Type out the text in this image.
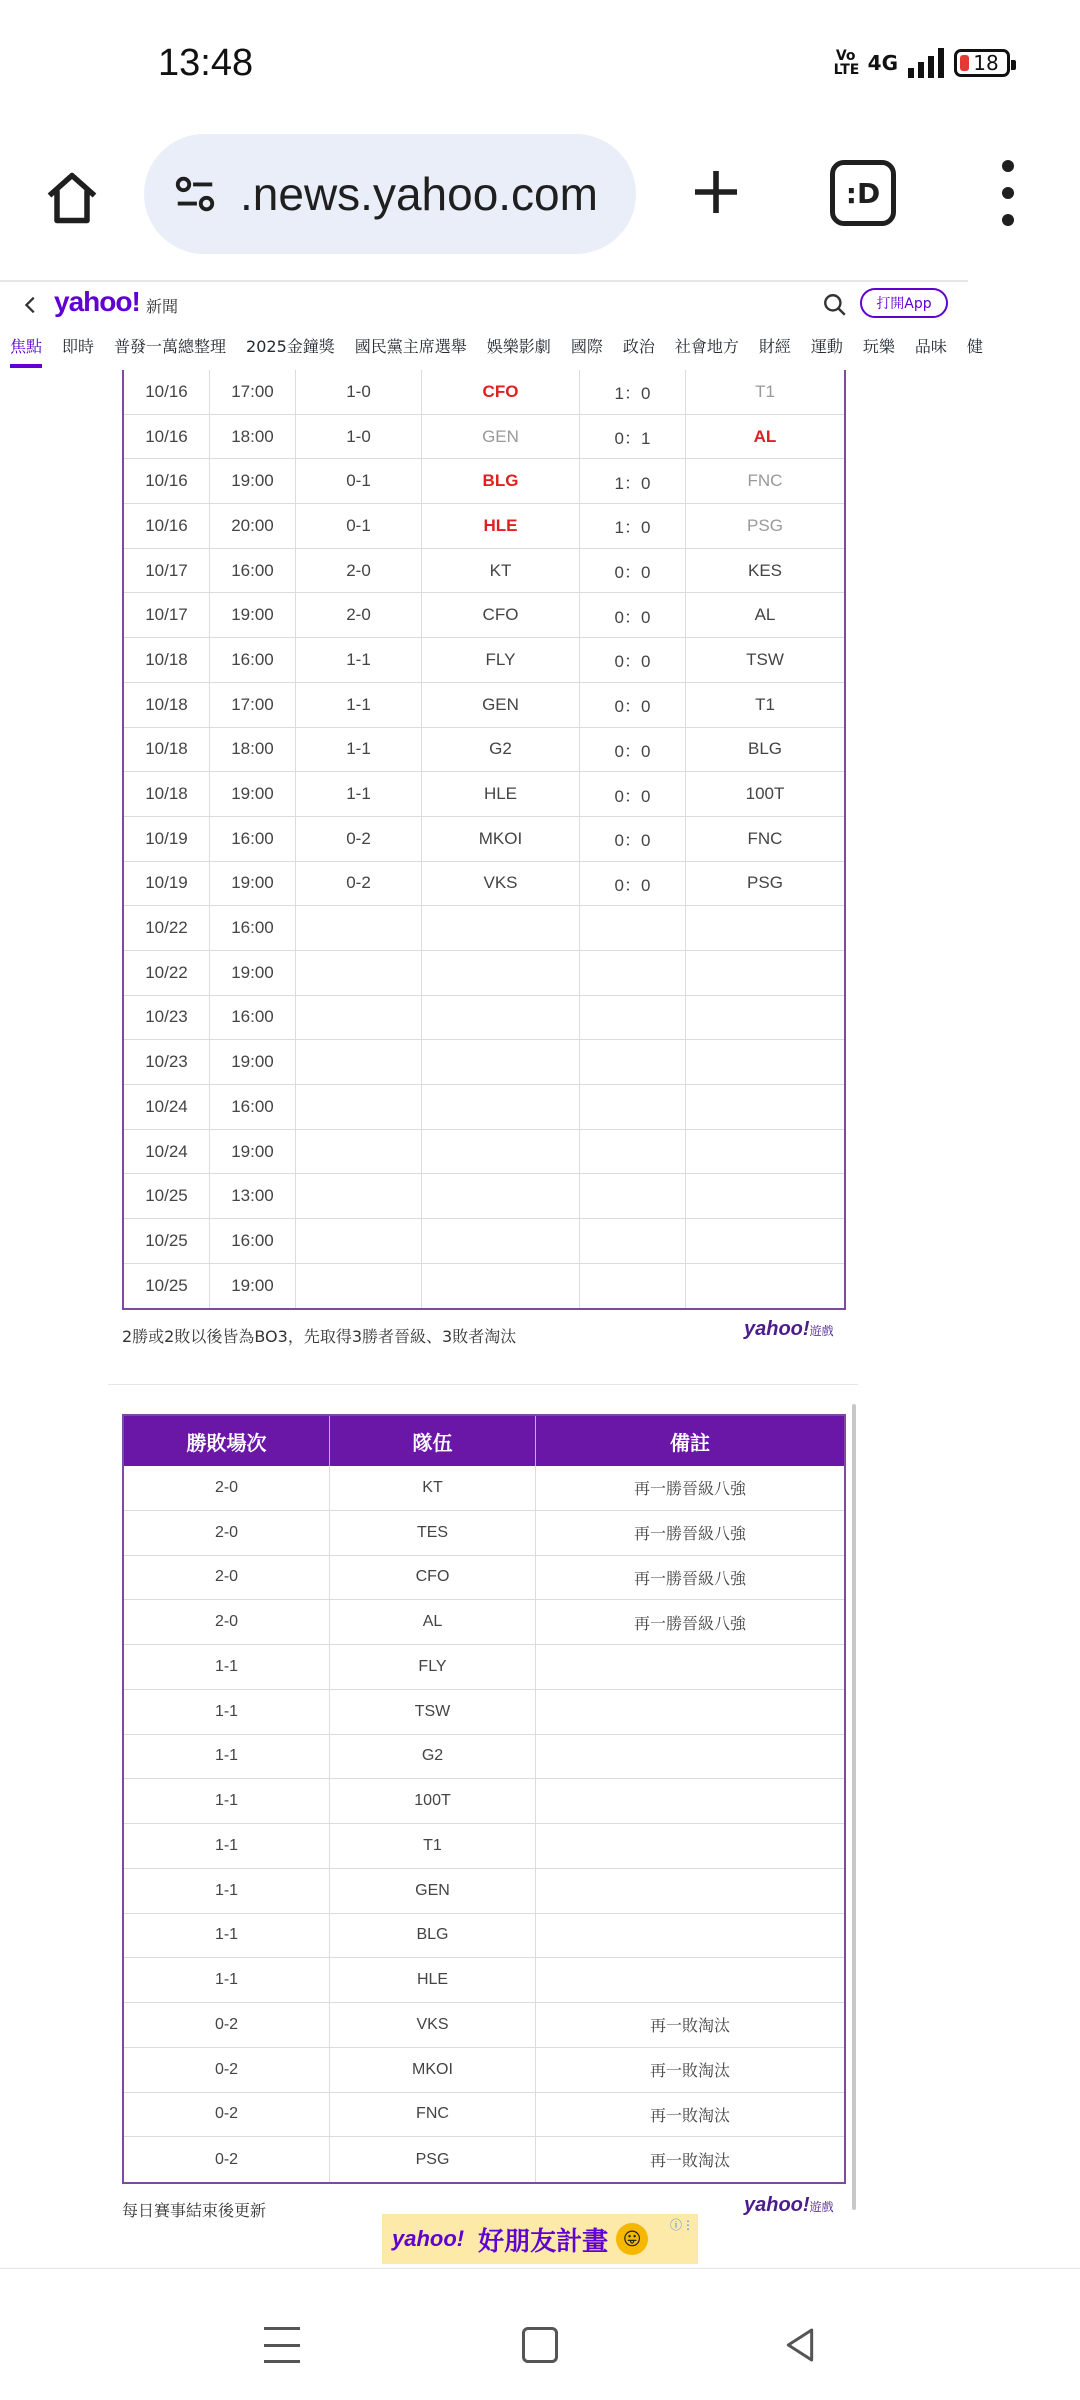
13:48	Vo LTE 4G	18
.news.yahoo.com	:D
yahoo! 新聞	打開App
焦點	即時	普發一萬總整理	2025金鐘獎	國民黨主席選舉	娛樂影劇	國際	政治	社會地方	財經	運動	玩樂	品味	健
10/16	17:00	1-0	CFO	1：0	T1
10/16	18:00	1-0	GEN	0：1	AL
10/16	19:00	0-1	BLG	1：0	FNC
10/16	20:00	0-1	HLE	1：0	PSG
10/17	16:00	2-0	KT	0：0	KES
10/17	19:00	2-0	CFO	0：0	AL
10/18	16:00	1-1	FLY	0：0	TSW
10/18	17:00	1-1	GEN	0：0	T1
10/18	18:00	1-1	G2	0：0	BLG
10/18	19:00	1-1	HLE	0：0	100T
10/19	16:00	0-2	MKOI	0：0	FNC
10/19	19:00	0-2	VKS	0：0	PSG
10/22	16:00
10/22	19:00
10/23	16:00
10/23	19:00
10/24	16:00
10/24	19:00
10/25	13:00
10/25	16:00
10/25	19:00
2勝或2敗以後皆為BO3，先取得3勝者晉級、3敗者淘汰	yahoo!遊戲
勝敗場次	隊伍	備註
2-0	KT	再一勝晉級八強
2-0	TES	再一勝晉級八強
2-0	CFO	再一勝晉級八強
2-0	AL	再一勝晉級八強
1-1	FLY
1-1	TSW
1-1	G2
1-1	100T
1-1	T1
1-1	GEN
1-1	BLG
1-1	HLE
0-2	VKS	再一敗淘汰
0-2	MKOI	再一敗淘汰
0-2	FNC	再一敗淘汰
0-2	PSG	再一敗淘汰
每日賽事結束後更新	yahoo!遊戲
yahoo! 好朋友計畫 😛
ⓘ⋮
